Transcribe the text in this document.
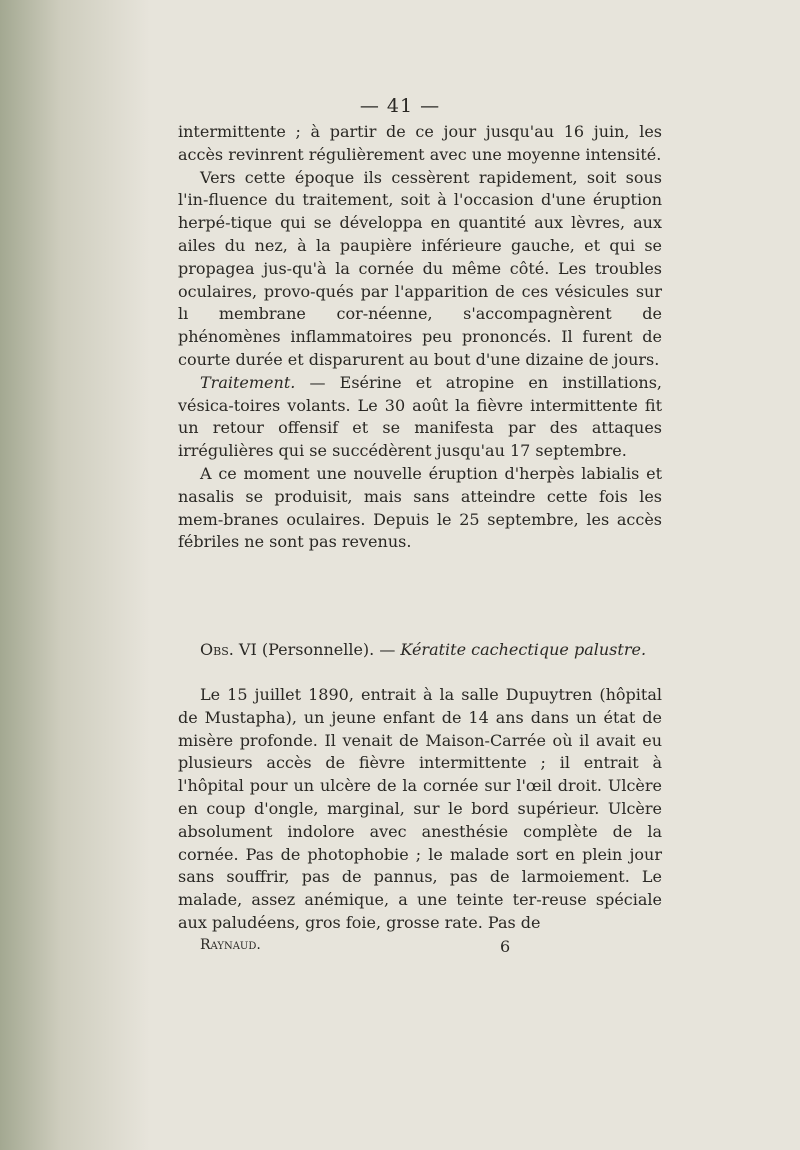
— 41 —

intermittente ; à partir de ce jour jusqu'au 16 juin, les accès revinrent régulièrement avec une moyenne intensité.

Vers cette époque ils cessèrent rapidement, soit sous l'in-fluence du traitement, soit à l'occasion d'une éruption herpé-tique qui se développa en quantité aux lèvres, aux ailes du nez, à la paupière inférieure gauche, et qui se propagea jus-qu'à la cornée du même côté. Les troubles oculaires, provo-qués par l'apparition de ces vésicules sur lı membrane cor-néenne, s'accompagnèrent de phénomènes inflammatoires peu prononcés. Il furent de courte durée et disparurent au bout d'une dizaine de jours.

Traitement. — Esérine et atropine en instillations, vésica-toires volants. Le 30 août la fièvre intermittente fit un retour offensif et se manifesta par des attaques irrégulières qui se succédèrent jusqu'au 17 septembre.

A ce moment une nouvelle éruption d'herpès labialis et nasalis se produisit, mais sans atteindre cette fois les mem-branes oculaires. Depuis le 25 septembre, les accès fébriles ne sont pas revenus.

Obs. VI (Personnelle). — Kératite cachectique palustre.

Le 15 juillet 1890, entrait à la salle Dupuytren (hôpital de Mustapha), un jeune enfant de 14 ans dans un état de misère profonde. Il venait de Maison-Carrée où il avait eu plusieurs accès de fièvre intermittente ; il entrait à l'hôpital pour un ulcère de la cornée sur l'œil droit. Ulcère en coup d'ongle, marginal, sur le bord supérieur. Ulcère absolument indolore avec anesthésie complète de la cornée. Pas de photophobie ; le malade sort en plein jour sans souffrir, pas de pannus, pas de larmoiement. Le malade, assez anémique, a une teinte ter-reuse spéciale aux paludéens, gros foie, grosse rate. Pas de

Raynaud.	6
